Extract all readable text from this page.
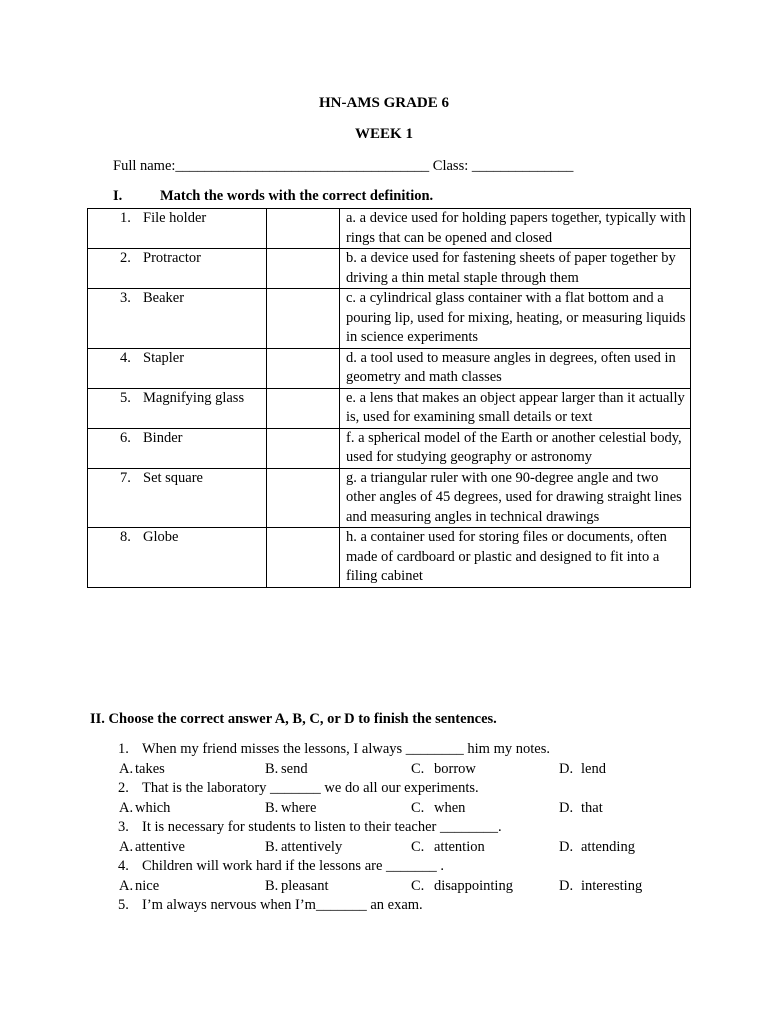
HN-AMS GRADE 6
WEEK 1
Full name:___________________________________ Class: ______________
I.	Match the words with the correct definition.
1. File holder		a. a device used for holding papers together, typically with rings that can be opened and closed

2. Protractor		b. a device used for fastening sheets of paper together by driving a thin metal staple through them

3. Beaker		c. a cylindrical glass container with a flat bottom and a pouring lip, used for mixing, heating, or measuring liquids in science experiments

4. Stapler		d. a tool used to measure angles in degrees, often used in geometry and math classes

5. Magnifying glass		e. a lens that makes an object appear larger than it actually is, used for examining small details or text

6. Binder		f. a spherical model of the Earth or another celestial body, used for studying geography or astronomy

7. Set square		g. a triangular ruler with one 90-degree angle and two other angles of 45 degrees, used for drawing straight lines and measuring angles in technical drawings

8. Globe		h. a container used for storing files or documents, often made of cardboard or plastic and designed to fit into a filing cabinet
II. Choose the correct answer A, B, C, or D to finish the sentences.
1. When my friend misses the lessons, I always ________ him my notes.
A. takes	B. send	C. borrow	D. lend
2. That is the laboratory _______ we do all our experiments.
A. which	B. where	C. when	D. that
3. It is necessary for students to listen to their teacher ________.
A. attentive	B. attentively	C. attention	D. attending
4. Children will work hard if the lessons are _______ .
A. nice	B. pleasant	C. disappointing	D. interesting
5. I’m always nervous when I’m_______ an exam.
